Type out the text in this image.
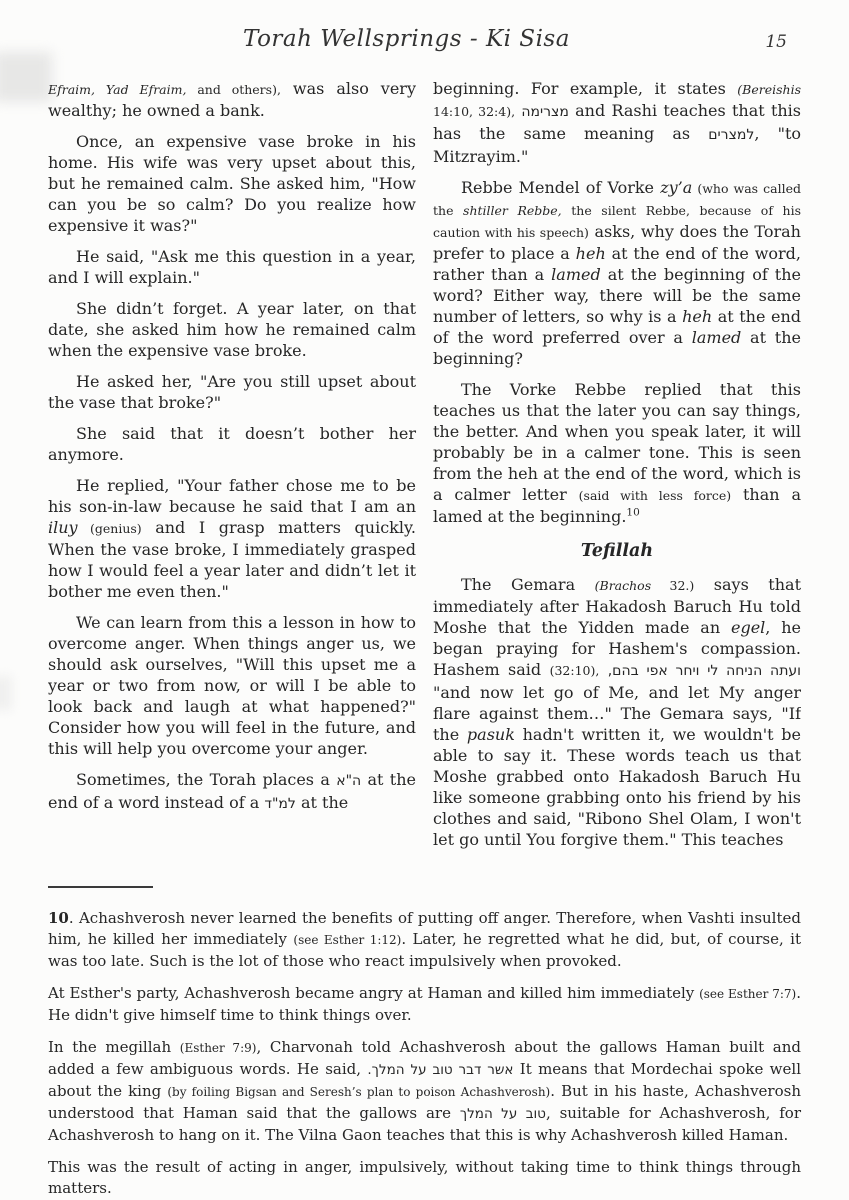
Torah Wellsprings - Ki Sisa	15

Efraim, Yad Efraim, and others), was also very wealthy; he owned a bank.

Once, an expensive vase broke in his home. His wife was very upset about this, but he remained calm. She asked him, "How can you be so calm? Do you realize how expensive it was?"

He said, "Ask me this question in a year, and I will explain."

She didn’t forget. A year later, on that date, she asked him how he remained calm when the expensive vase broke.

He asked her, "Are you still upset about the vase that broke?"

She said that it doesn’t bother her anymore.

He replied, "Your father chose me to be his son-in-law because he said that I am an iluy (genius) and I grasp matters quickly. When the vase broke, I immediately grasped how I would feel a year later and didn’t let it bother me even then."

We can learn from this a lesson in how to overcome anger. When things anger us, we should ask ourselves, "Will this upset me a year or two from now, or will I be able to look back and laugh at what happened?" Consider how you will feel in the future, and this will help you overcome your anger.

Sometimes, the Torah places a ה"א at the end of a word instead of a למ"ד at the

beginning. For example, it states (Bereishis 14:10, 32:4), מצרימה and Rashi teaches that this has the same meaning as למצרים, "to Mitzrayim."

Rebbe Mendel of Vorke zy’a (who was called the shtiller Rebbe, the silent Rebbe, because of his caution with his speech) asks, why does the Torah prefer to place a heh at the end of the word, rather than a lamed at the beginning of the word? Either way, there will be the same number of letters, so why is a heh at the end of the word preferred over a lamed at the beginning?

The Vorke Rebbe replied that this teaches us that the later you can say things, the better. And when you speak later, it will probably be in a calmer tone. This is seen from the heh at the end of the word, which is a calmer letter (said with less force) than a lamed at the beginning.$^{10}$

Tefillah

The Gemara (Brachos 32.) says that immediately after Hakadosh Baruch Hu told Moshe that the Yidden made an egel, he began praying for Hashem's compassion. Hashem said (32:10), ועתה הניחה לי ויחר אפי בהם, "and now let go of Me, and let My anger flare against them…" The Gemara says, "If the pasuk hadn't written it, we wouldn't be able to say it. These words teach us that Moshe grabbed onto Hakadosh Baruch Hu like someone grabbing onto his friend by his clothes and said, "Ribono Shel Olam, I won't let go until You forgive them." This teaches

10. Achashverosh never learned the benefits of putting off anger. Therefore, when Vashti insulted him, he killed her immediately (see Esther 1:12). Later, he regretted what he did, but, of course, it was too late. Such is the lot of those who react impulsively when provoked.

At Esther's party, Achashverosh became angry at Haman and killed him immediately (see Esther 7:7). He didn't give himself time to think things over.

In the megillah (Esther 7:9), Charvonah told Achashverosh about the gallows Haman built and added a few ambiguous words. He said, אשר דבר טוב על המלך. It means that Mordechai spoke well about the king (by foiling Bigsan and Seresh’s plan to poison Achashverosh). But in his haste, Achashverosh understood that Haman said that the gallows are טוב על המלך, suitable for Achashverosh, for Achashverosh to hang on it. The Vilna Gaon teaches that this is why Achashverosh killed Haman.

This was the result of acting in anger, impulsively, without taking time to think things through matters.
